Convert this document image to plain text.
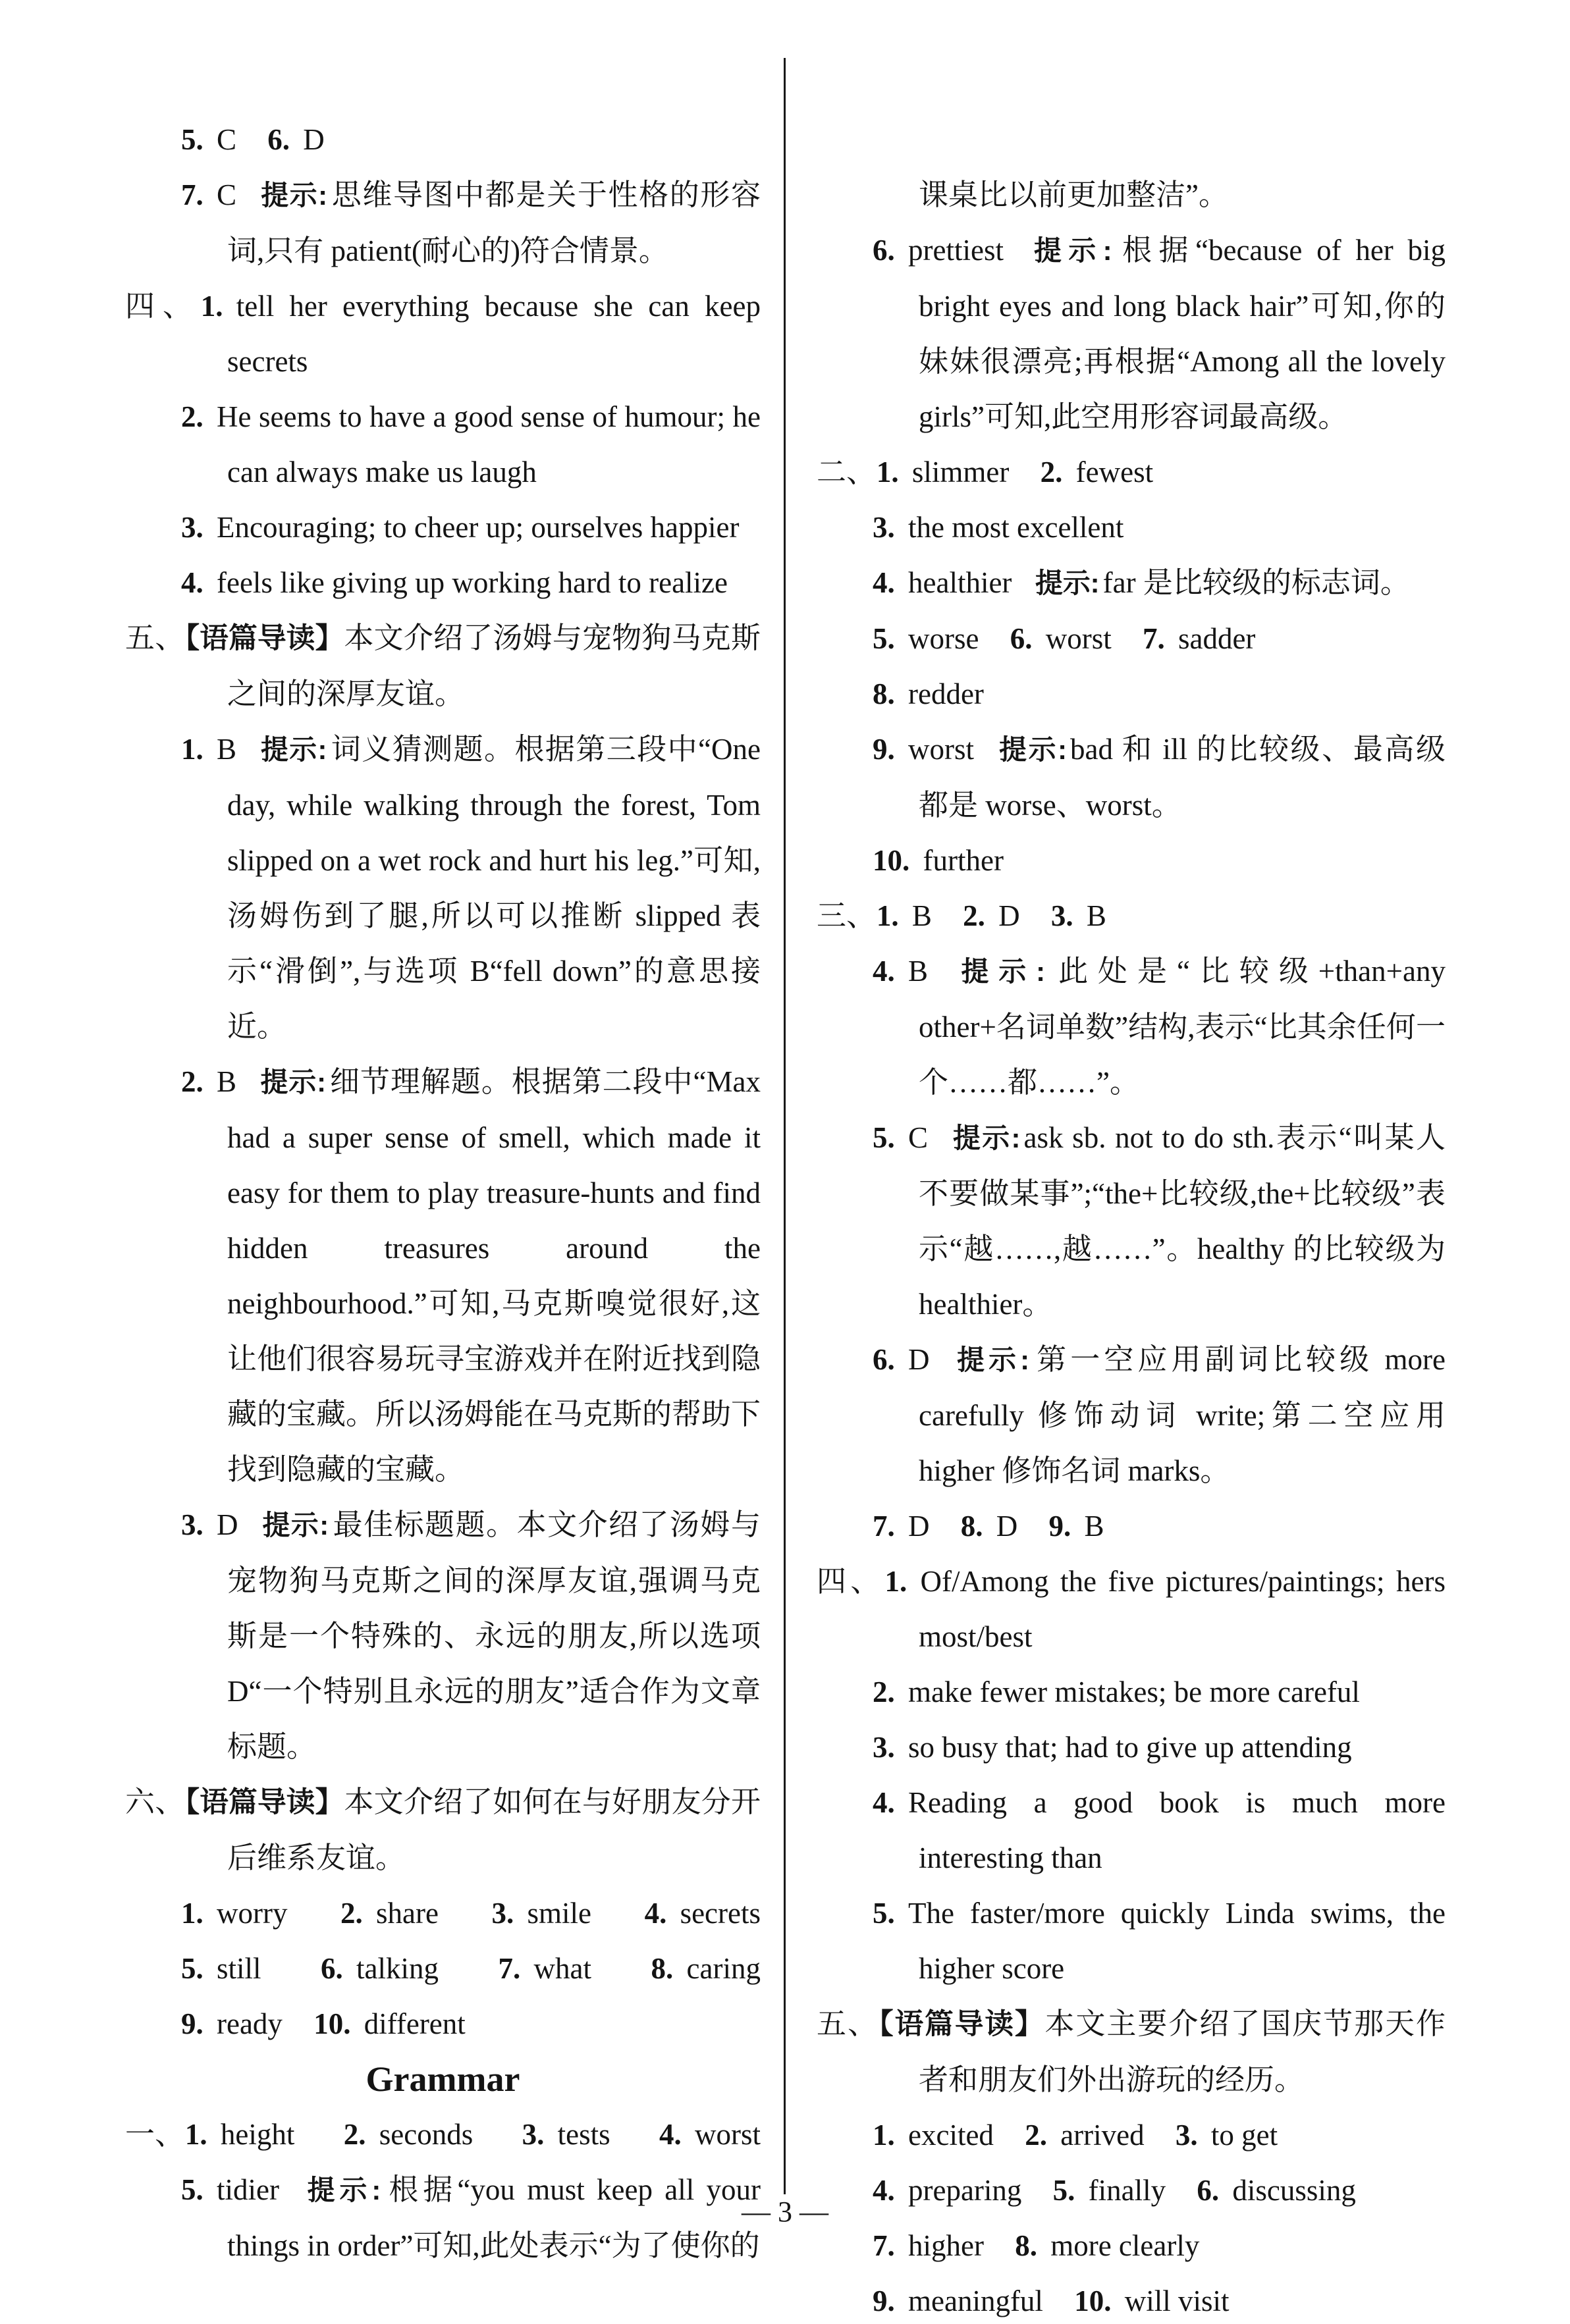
5. C 6. D
7. C 提示: 思维导图中都是关于性格的形容词,只有 patient(耐心的)符合情景。
四、1. tell her everything because she can keep secrets
2. He seems to have a good sense of humour; he can always make us laugh
3. Encouraging; to cheer up; ourselves happier
4. feels like giving up working hard to realize
五、【语篇导读】本文介绍了汤姆与宠物狗马克斯之间的深厚友谊。
1. B 提示: 词义猜测题。根据第三段中“One day, while walking through the forest, Tom slipped on a wet rock and hurt his leg.”可知,汤姆伤到了腿,所以可以推断 slipped 表示“滑倒”,与选项 B“fell down”的意思接近。
2. B 提示: 细节理解题。根据第二段中“Max had a super sense of smell, which made it easy for them to play treasure-hunts and find hidden treasures around the neighbourhood.”可知,马克斯嗅觉很好,这让他们很容易玩寻宝游戏并在附近找到隐藏的宝藏。所以汤姆能在马克斯的帮助下找到隐藏的宝藏。
3. D 提示: 最佳标题题。本文介绍了汤姆与宠物狗马克斯之间的深厚友谊,强调马克斯是一个特殊的、永远的朋友,所以选项 D“一个特别且永远的朋友”适合作为文章标题。
六、【语篇导读】本文介绍了如何在与好朋友分开后维系友谊。
1. worry 2. share 3. smile 4. secrets
5. still 6. talking 7. what 8. caring
9. ready 10. different
Grammar
一、1. height 2. seconds 3. tests 4. worst
5. tidier 提示: 根据“you must keep all your things in order”可知,此处表示“为了使你的
课桌比以前更加整洁”。
6. prettiest 提示: 根据“because of her big bright eyes and long black hair”可知,你的妹妹很漂亮;再根据“Among all the lovely girls”可知,此空用形容词最高级。
二、1. slimmer 2. fewest
3. the most excellent
4. healthier 提示: far 是比较级的标志词。
5. worse 6. worst 7. sadder
8. redder
9. worst 提示: bad 和 ill 的比较级、最高级都是 worse、worst。
10. further
三、1. B 2. D 3. B
4. B 提示: 此处是“比较级+than+any other+名词单数”结构,表示“比其余任何一个……都……”。
5. C 提示: ask sb. not to do sth.表示“叫某人不要做某事”;“the+比较级,the+比较级”表示“越……,越……”。healthy 的比较级为 healthier。
6. D 提示: 第一空应用副词比较级 more carefully 修饰动词 write;第二空应用 higher 修饰名词 marks。
7. D 8. D 9. B
四、1. Of/Among the five pictures/paintings; hers most/best
2. make fewer mistakes; be more careful
3. so busy that; had to give up attending
4. Reading a good book is much more interesting than
5. The faster/more quickly Linda swims, the higher score
五、【语篇导读】本文主要介绍了国庆节那天作者和朋友们外出游玩的经历。
1. excited 2. arrived 3. to get
4. preparing 5. finally 6. discussing
7. higher 8. more clearly
9. meaningful 10. will visit
— 3 —
